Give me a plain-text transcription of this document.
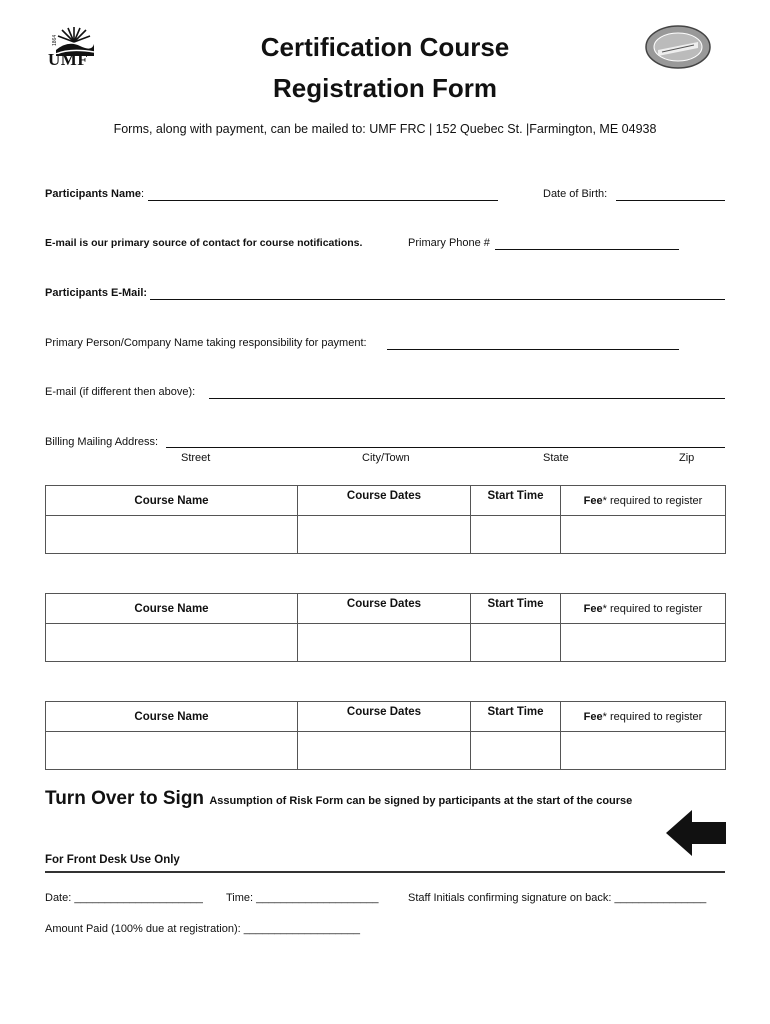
1864
UMF	Certification Course
Registration Form
Forms, along with payment, can be mailed to: UMF FRC | 152 Quebec St. |Farmington, ME 04938
Participants Name:	Date of Birth:
E-mail is our primary source of contact for course notifications.	Primary Phone #
Participants E-Mail:
Primary Person/Company Name taking responsibility for payment:
E-mail (if different then above):
Billing Mailing Address:
Street	City/Town	State	Zip
Course Name	Course Dates	Start Time	Fee* required to register

Course Name	Course Dates	Start Time	Fee* required to register

Course Name	Course Dates	Start Time	Fee* required to register

Turn Over to Sign Assumption of Risk Form can be signed by participants at the start of the course
For Front Desk Use Only
Date: _____________________ Time: ____________________	Staff Initials confirming signature on back: _______________
Amount Paid (100% due at registration): ___________________
